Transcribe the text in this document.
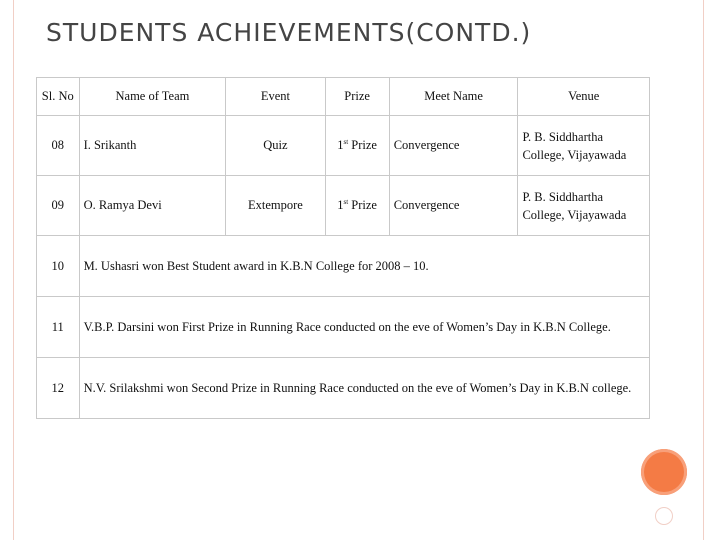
STUDENTS ACHIEVEMENTS(CONTD.)
Sl. No	Name of Team	Event	Prize	Meet Name	Venue
08	I. Srikanth	Quiz	1st Prize	Convergence	P. B. Siddhartha College, Vijayawada
09	O. Ramya Devi	Extempore	1st Prize	Convergence	P. B. Siddhartha College, Vijayawada
10	M. Ushasri won Best Student award in K.B.N College for 2008 – 10.				
11	V.B.P. Darsini won First Prize in Running Race conducted on the eve of Women’s Day in K.B.N College.				
12	N.V. Srilakshmi won Second Prize in Running Race conducted on the eve of Women’s Day in K.B.N college.				
